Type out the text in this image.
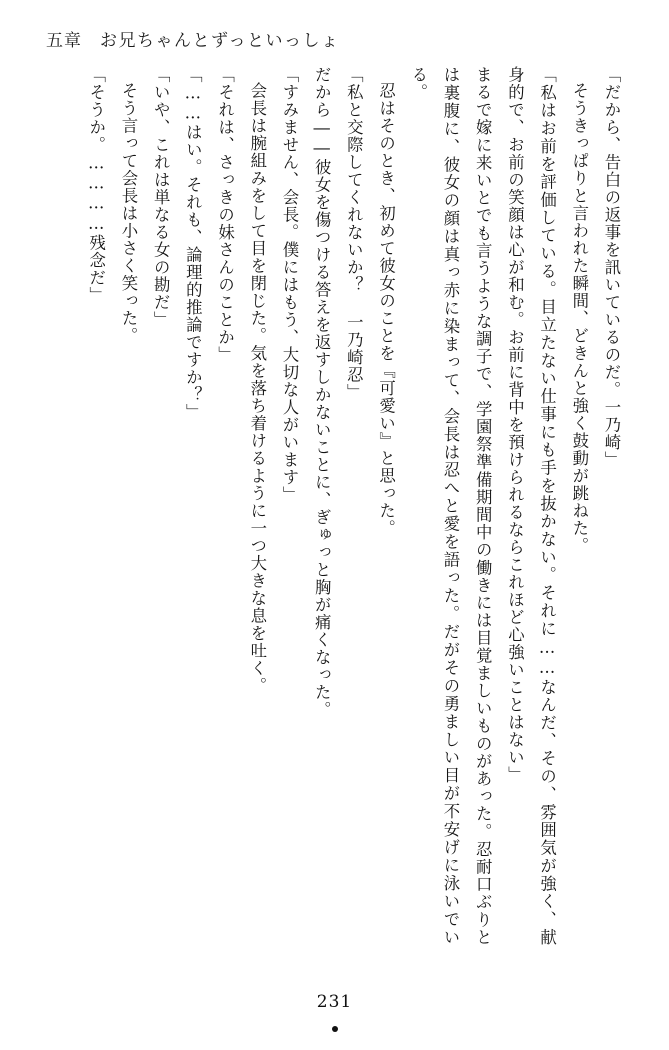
五章 お兄ちゃんとずっといっしょ

「だから、告白の返事を訊いているのだ。一乃崎」

そうきっぱりと言われた瞬間、どきんと強く鼓動が跳ねた。

「私はお前を評価している。目立たない仕事にも手を抜かない。それに……なんだ、その、雰囲気が強く、献身的で、お前の笑顔は心が和む。お前に背中を預けられるならこれほど心強いことはない」

まるで嫁に来いとでも言うような調子で、学園祭準備期間中の働きには目覚ましいものがあった。忍耐口ぶりとは裏腹に、彼女の顔は真っ赤に染まって、会長は忍へと愛を語った。だがその勇ましい目が不安げに泳いでいる。

忍はそのとき、初めて彼女のことを『可愛い』と思った。

「私と交際してくれないか？ 一乃崎忍」

だから――彼女を傷つける答えを返すしかないことに、ぎゅっと胸が痛くなった。

「すみません、会長。僕にはもう、大切な人がいます」

会長は腕組みをして目を閉じた。気を落ち着けるように一つ大きな息を吐く。

「それは、さっきの妹さんのことか」

「……はい。それも、論理的推論ですか？」

「いや、これは単なる女の勘だ」

そう言って会長は小さく笑った。

「そうか。…………残念だ」

231
